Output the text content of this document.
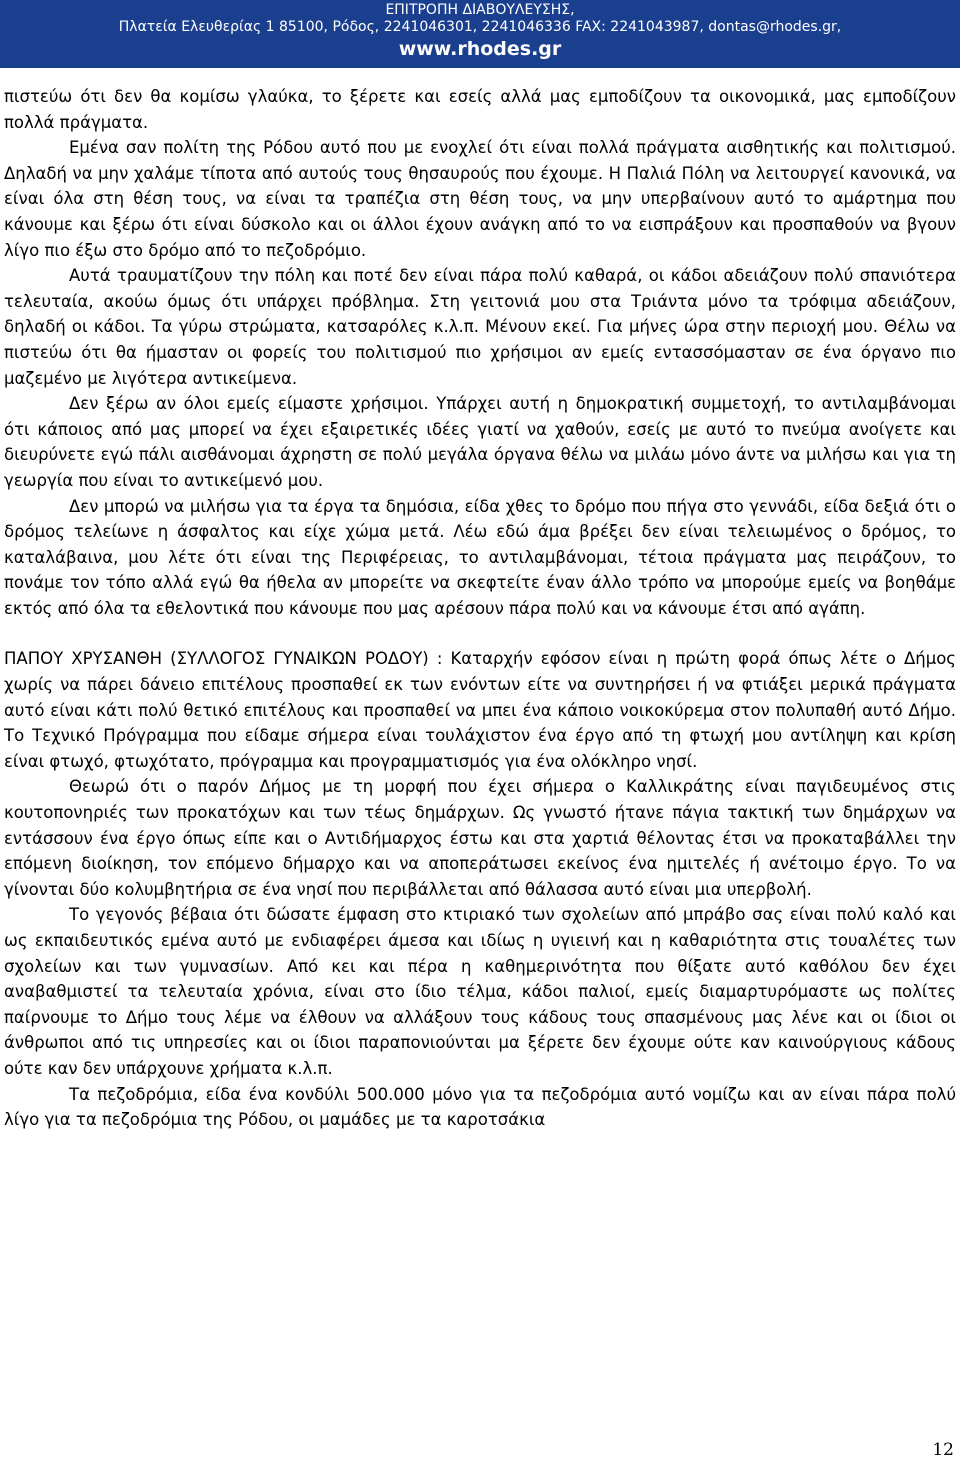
ΕΠΙΤΡΟΠΗ ΔΙΑΒΟΥΛΕΥΣΗΣ,
Πλατεία Ελευθερίας 1 85100, Ρόδος, 2241046301, 2241046336 FAX: 2241043987, dontas@rhodes.gr,
www.rhodes.gr

πιστεύω ότι δεν θα κομίσω γλαύκα, το ξέρετε και εσείς αλλά μας εμποδίζουν τα οικονομικά, μας εμποδίζουν πολλά πράγματα.

Εμένα σαν πολίτη της Ρόδου αυτό που με ενοχλεί ότι είναι πολλά πράγματα αισθητικής και πολιτισμού. Δηλαδή να μην χαλάμε τίποτα από αυτούς τους θησαυρούς που έχουμε. Η Παλιά Πόλη να λειτουργεί κανονικά, να είναι όλα στη θέση τους, να είναι τα τραπέζια στη θέση τους, να μην υπερβαίνουν αυτό το αμάρτημα που κάνουμε και ξέρω ότι είναι δύσκολο και οι άλλοι έχουν ανάγκη από το να εισπράξουν και προσπαθούν να βγουν λίγο πιο έξω στο δρόμο από το πεζοδρόμιο.

Αυτά τραυματίζουν την πόλη και ποτέ δεν είναι πάρα πολύ καθαρά, οι κάδοι αδειάζουν πολύ σπανιότερα τελευταία, ακούω όμως ότι υπάρχει πρόβλημα. Στη γειτονιά μου στα Τριάντα μόνο τα τρόφιμα αδειάζουν, δηλαδή οι κάδοι. Τα γύρω στρώματα, κατσαρόλες κ.λ.π. Μένουν εκεί. Για μήνες ώρα στην περιοχή μου. Θέλω να πιστεύω ότι θα ήμασταν οι φορείς του πολιτισμού πιο χρήσιμοι αν εμείς εντασσόμασταν σε ένα όργανο πιο μαζεμένο με λιγότερα αντικείμενα.

Δεν ξέρω αν όλοι εμείς είμαστε χρήσιμοι. Υπάρχει αυτή η δημοκρατική συμμετοχή, το αντιλαμβάνομαι ότι κάποιος από μας μπορεί να έχει εξαιρετικές ιδέες γιατί να χαθούν, εσείς με αυτό το πνεύμα ανοίγετε και διευρύνετε εγώ πάλι αισθάνομαι άχρηστη σε πολύ μεγάλα όργανα θέλω να μιλάω μόνο άντε να μιλήσω και για τη γεωργία που είναι το αντικείμενό μου.

Δεν μπορώ να μιλήσω για τα έργα τα δημόσια, είδα χθες το δρόμο που πήγα στο γεννάδι, είδα δεξιά ότι ο δρόμος τελείωνε η άσφαλτος και είχε χώμα μετά. Λέω εδώ άμα βρέξει δεν είναι τελειωμένος ο δρόμος, το καταλάβαινα, μου λέτε ότι είναι της Περιφέρειας, το αντιλαμβάνομαι, τέτοια πράγματα μας πειράζουν, το πονάμε τον τόπο αλλά εγώ θα ήθελα αν μπορείτε να σκεφτείτε έναν άλλο τρόπο να μπορούμε εμείς να βοηθάμε εκτός από όλα τα εθελοντικά που κάνουμε που μας αρέσουν πάρα πολύ και να κάνουμε έτσι από αγάπη.

ΠΑΠΟΥ ΧΡΥΣΑΝΘΗ (ΣΥΛΛΟΓΟΣ ΓΥΝΑΙΚΩΝ ΡΟΔΟΥ) : Καταρχήν εφόσον είναι η πρώτη φορά όπως λέτε ο Δήμος χωρίς να πάρει δάνειο επιτέλους προσπαθεί εκ των ενόντων είτε να συντηρήσει ή να φτιάξει μερικά πράγματα αυτό είναι κάτι πολύ θετικό επιτέλους και προσπαθεί να μπει ένα κάποιο νοικοκύρεμα στον πολυπαθή αυτό Δήμο. Το Τεχνικό Πρόγραμμα που είδαμε σήμερα είναι τουλάχιστον ένα έργο από τη φτωχή μου αντίληψη και κρίση είναι φτωχό, φτωχότατο, πρόγραμμα και προγραμματισμός για ένα ολόκληρο νησί.

Θεωρώ ότι ο παρόν Δήμος με τη μορφή που έχει σήμερα ο Καλλικράτης είναι παγιδευμένος στις κουτοπονηριές των προκατόχων και των τέως δημάρχων. Ως γνωστό ήτανε πάγια τακτική των δημάρχων να εντάσσουν ένα έργο όπως είπε και ο Αντιδήμαρχος έστω και στα χαρτιά θέλοντας έτσι να προκαταβάλλει την επόμενη διοίκηση, τον επόμενο δήμαρχο και να αποπεράτωσει εκείνος ένα ημιτελές ή ανέτοιμο έργο. Το να γίνονται δύο κολυμβητήρια σε ένα νησί που περιβάλλεται από θάλασσα αυτό είναι μια υπερβολή.

Το γεγονός βέβαια ότι δώσατε έμφαση στο κτιριακό των σχολείων από μπράβο σας είναι πολύ καλό και ως εκπαιδευτικός εμένα αυτό με ενδιαφέρει άμεσα και ιδίως η υγιεινή και η καθαριότητα στις τουαλέτες των σχολείων και των γυμνασίων. Από κει και πέρα η καθημερινότητα που θίξατε αυτό καθόλου δεν έχει αναβαθμιστεί τα τελευταία χρόνια, είναι στο ίδιο τέλμα, κάδοι παλιοί, εμείς διαμαρτυρόμαστε ως πολίτες παίρνουμε το Δήμο τους λέμε να έλθουν να αλλάξουν τους κάδους τους σπασμένους μας λένε και οι ίδιοι οι άνθρωποι από τις υπηρεσίες και οι ίδιοι παραπονιούνται μα ξέρετε δεν έχουμε ούτε καν καινούργιους κάδους ούτε καν δεν υπάρχουνε χρήματα κ.λ.π.

Τα πεζοδρόμια, είδα ένα κονδύλι 500.000 μόνο για τα πεζοδρόμια αυτό νομίζω και αν είναι πάρα πολύ λίγο για τα πεζοδρόμια της Ρόδου, οι μαμάδες με τα καροτσάκια

12
